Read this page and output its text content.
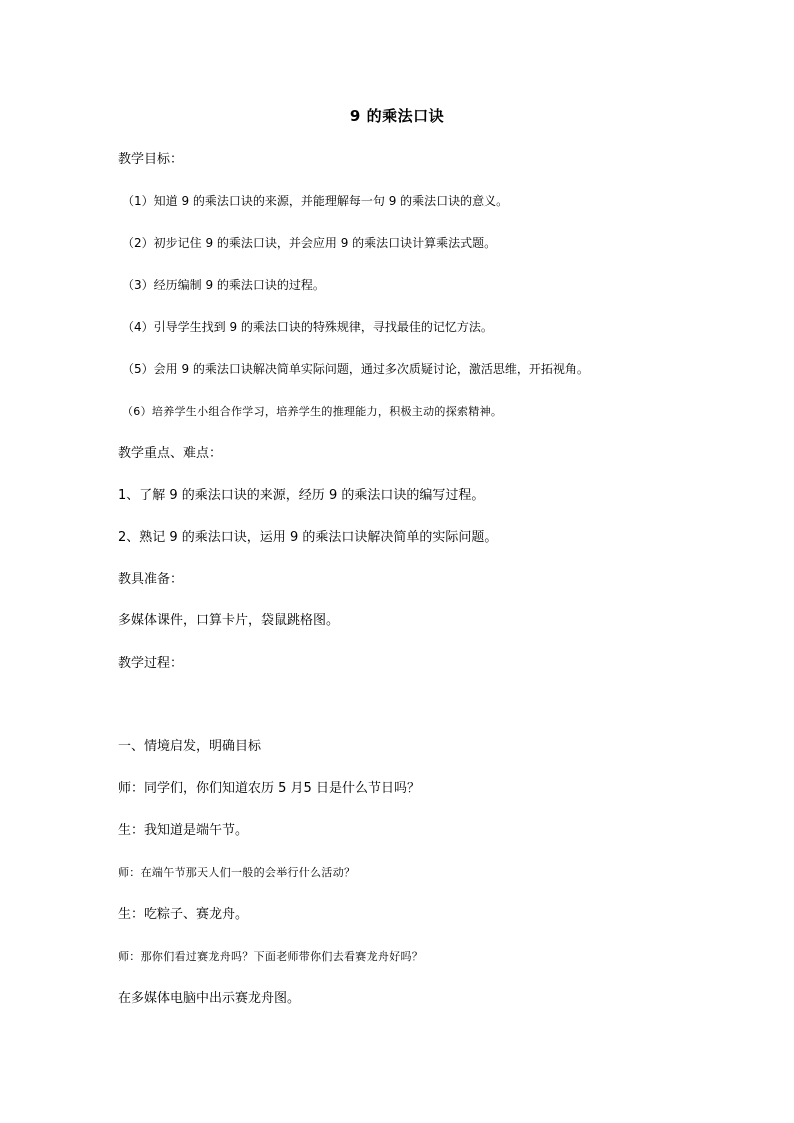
9 的乘法口诀
教学目标：
（1）知道 9 的乘法口诀的来源，并能理解每一句 9 的乘法口诀的意义。
（2）初步记住 9 的乘法口诀，并会应用 9 的乘法口诀计算乘法式题。
（3）经历编制 9 的乘法口诀的过程。
（4）引导学生找到 9 的乘法口诀的特殊规律，寻找最佳的记忆方法。
（5）会用 9 的乘法口诀解决简单实际问题，通过多次质疑讨论，激活思维，开拓视角。
（6）培养学生小组合作学习，培养学生的推理能力，积极主动的探索精神。
教学重点、难点：
1、了解 9 的乘法口诀的来源，经历 9 的乘法口诀的编写过程。
2、熟记 9 的乘法口诀，运用 9 的乘法口诀解决简单的实际问题。
教具准备：
多媒体课件，口算卡片，袋鼠跳格图。
教学过程：
一、情境启发，明确目标
师：同学们，你们知道农历 5 月5 日是什么节日吗？
生：我知道是端午节。
师：在端午节那天人们一般的会举行什么活动？
生：吃粽子、赛龙舟。
师：那你们看过赛龙舟吗？下面老师带你们去看赛龙舟好吗？
在多媒体电脑中出示赛龙舟图。
